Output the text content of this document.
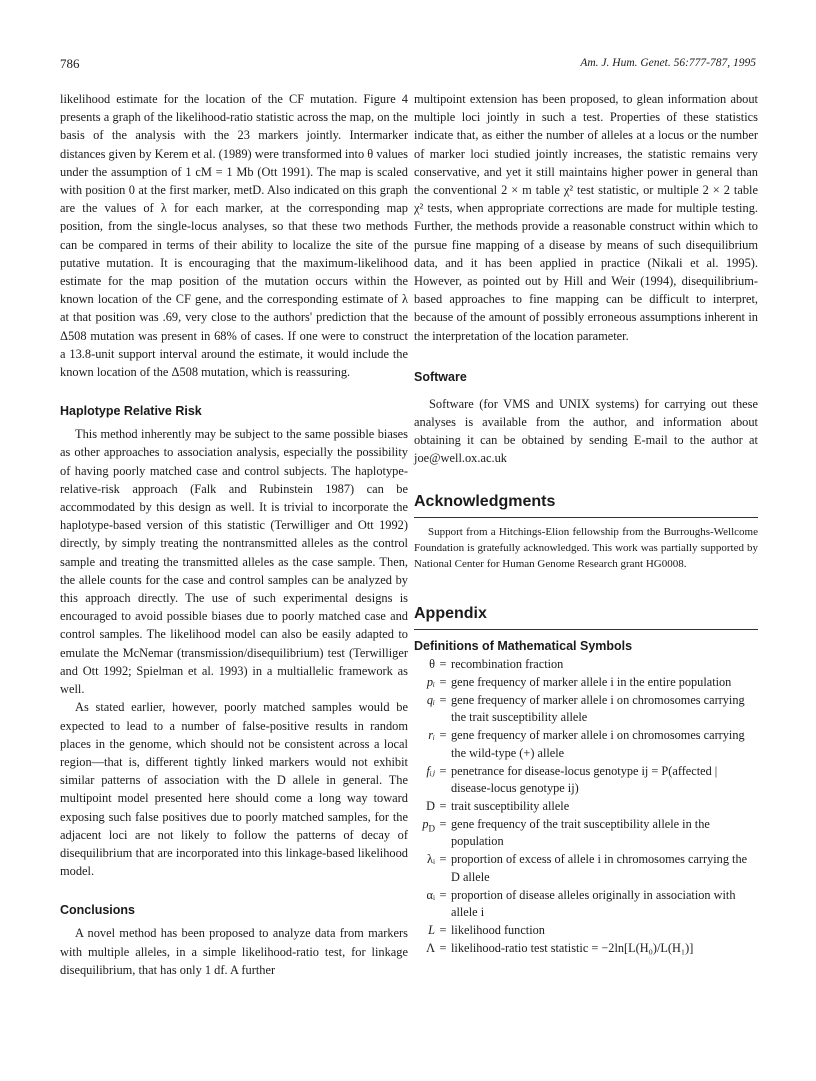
786	Am. J. Hum. Genet. 56:777-787, 1995

likelihood estimate for the location of the CF mutation. Figure 4 presents a graph of the likelihood-ratio statistic across the map, on the basis of the analysis with the 23 markers jointly. Intermarker distances given by Kerem et al. (1989) were transformed into θ values under the assumption of 1 cM = 1 Mb (Ott 1991). The map is scaled with position 0 at the first marker, metD. Also indicated on this graph are the values of λ for each marker, at the corresponding map position, from the single-locus analyses, so that these two methods can be compared in terms of their ability to localize the site of the putative mutation. It is encouraging that the maximum-likelihood estimate for the map position of the mutation occurs within the known location of the CF gene, and the corresponding estimate of λ at that position was .69, very close to the authors' prediction that the Δ508 mutation was present in 68% of cases. If one were to construct a 13.8-unit support interval around the estimate, it would include the known location of the Δ508 mutation, which is reassuring.

Haplotype Relative Risk

This method inherently may be subject to the same possible biases as other approaches to association analysis, especially the possibility of having poorly matched case and control subjects. The haplotype-relative-risk approach (Falk and Rubinstein 1987) can be accommodated by this design as well. It is trivial to incorporate the haplotype-based version of this statistic (Terwilliger and Ott 1992) directly, by simply treating the nontransmitted alleles as the control sample and treating the transmitted alleles as the case sample. Then, the allele counts for the case and control samples can be analyzed by this approach directly. The use of such experimental designs is encouraged to avoid possible biases due to poorly matched case and control samples. The likelihood model can also be easily adapted to emulate the McNemar (transmission/disequilibrium) test (Terwilliger and Ott 1992; Spielman et al. 1993) in a multiallelic framework as well.

As stated earlier, however, poorly matched samples would be expected to lead to a number of false-positive results in random places in the genome, which should not be consistent across a local region—that is, different tightly linked markers would not exhibit similar patterns of association with the D allele in general. The multipoint model presented here should come a long way toward exposing such false positives due to poorly matched samples, for the adjacent loci are not likely to follow the patterns of decay of disequilibrium that are incorporated into this linkage-based likelihood model.

Conclusions

A novel method has been proposed to analyze data from markers with multiple alleles, in a simple likelihood-ratio test, for linkage disequilibrium, that has only 1 df. A further

multipoint extension has been proposed, to glean information about multiple loci jointly in such a test. Properties of these statistics indicate that, as either the number of alleles at a locus or the number of marker loci studied jointly increases, the statistic remains very conservative, and yet it still maintains higher power in general than the conventional 2 × m table χ² test statistic, or multiple 2 × 2 table χ² tests, when appropriate corrections are made for multiple testing. Further, the methods provide a reasonable construct within which to pursue fine mapping of a disease by means of such disequilibrium data, and it has been applied in practice (Nikali et al. 1995). However, as pointed out by Hill and Weir (1994), disequilibrium-based approaches to fine mapping can be difficult to interpret, because of the amount of possibly erroneous assumptions inherent in the interpretation of the location parameter.

Software

Software (for VMS and UNIX systems) for carrying out these analyses is available from the author, and information about obtaining it can be obtained by sending E-mail to the author at joe@well.ox.ac.uk

Acknowledgments

Support from a Hitchings-Elion fellowship from the Burroughs-Wellcome Foundation is gratefully acknowledged. This work was partially supported by National Center for Human Genome Research grant HG0008.

Appendix
Definitions of Mathematical Symbols
θ = recombination fraction
pᵢ = gene frequency of marker allele i in the entire population
qᵢ = gene frequency of marker allele i on chromosomes carrying the trait susceptibility allele
rᵢ = gene frequency of marker allele i on chromosomes carrying the wild-type (+) allele
fᵢⱼ = penetrance for disease-locus genotype ij = P(affected | disease-locus genotype ij)
D = trait susceptibility allele
$p_D$ = gene frequency of the trait susceptibility allele in the population
λᵢ = proportion of excess of allele i in chromosomes carrying the D allele
αᵢ = proportion of disease alleles originally in association with allele i
L = likelihood function
Λ = likelihood-ratio test statistic = −2ln[L(H₀)/L(H₁)]
